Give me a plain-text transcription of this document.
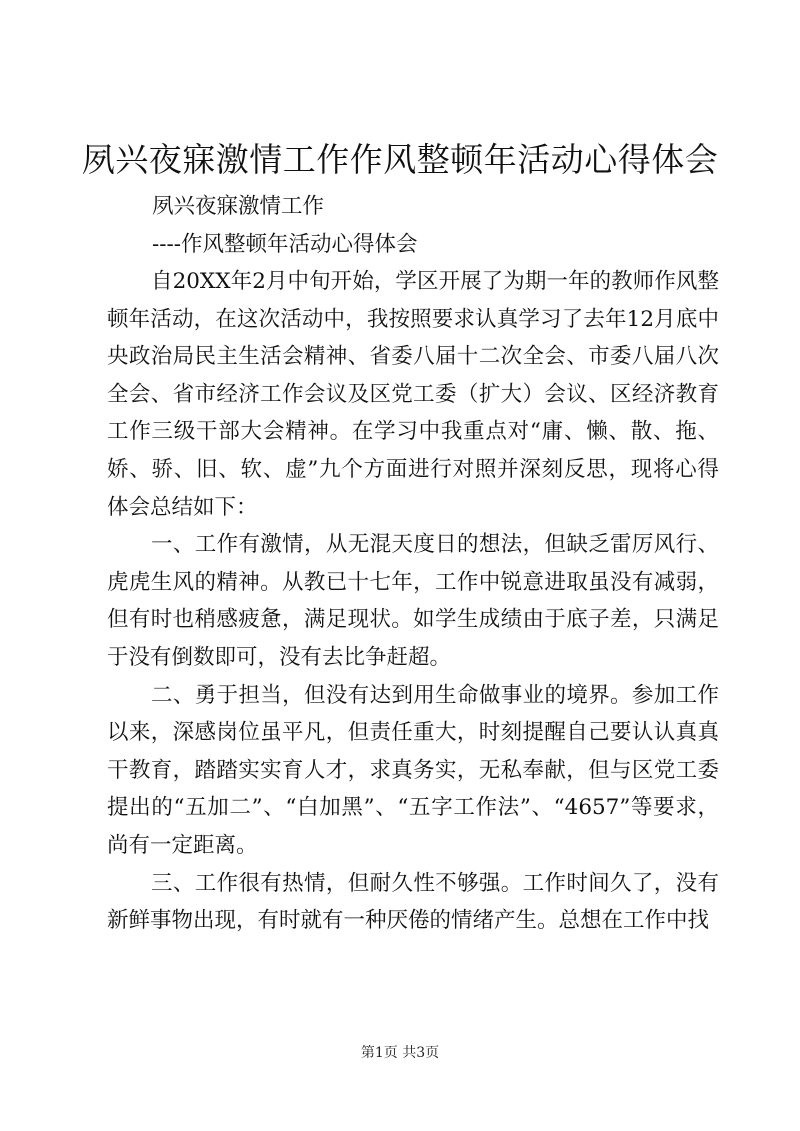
夙兴夜寐激情工作作风整顿年活动心得体会
夙兴夜寐激情工作
----作风整顿年活动心得体会

自20XX年2月中旬开始，学区开展了为期一年的教师作风整顿年活动，在这次活动中，我按照要求认真学习了去年12月底中央政治局民主生活会精神、省委八届十二次全会、市委八届八次全会、省市经济工作会议及区党工委（扩大）会议、区经济教育工作三级干部大会精神。在学习中我重点对“庸、懒、散、拖、娇、骄、旧、软、虚”九个方面进行对照并深刻反思，现将心得体会总结如下：

一、工作有激情，从无混天度日的想法，但缺乏雷厉风行、虎虎生风的精神。从教已十七年，工作中锐意进取虽没有减弱，但有时也稍感疲惫，满足现状。如学生成绩由于底子差，只满足于没有倒数即可，没有去比争赶超。

二、勇于担当，但没有达到用生命做事业的境界。参加工作以来，深感岗位虽平凡，但责任重大，时刻提醒自己要认认真真干教育，踏踏实实育人才，求真务实，无私奉献，但与区党工委提出的“五加二”、“白加黑”、“五字工作法”、“4657”等要求，尚有一定距离。

三、工作很有热情，但耐久性不够强。工作时间久了，没有新鲜事物出现，有时就有一种厌倦的情绪产生。总想在工作中找

第1页 共3页
